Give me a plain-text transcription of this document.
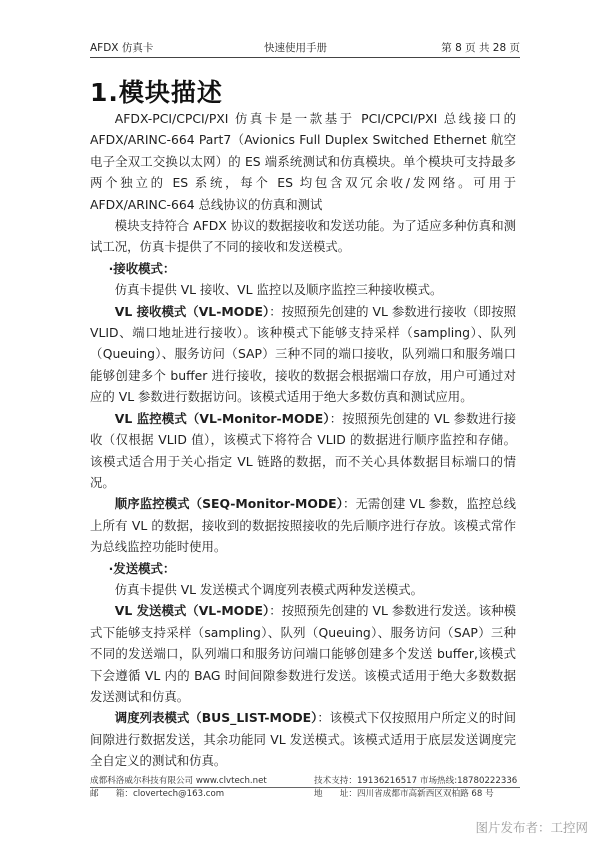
AFDX 仿真卡	快速使用手册	第 8 页 共 28 页
1.模块描述

AFDX-PCI/CPCI/PXI 仿真卡是一款基于 PCI/CPCI/PXI 总线接口的 AFDX/ARINC-664 Part7（Avionics Full Duplex Switched Ethernet 航空电子全双工交换以太网）的 ES 端系统测试和仿真模块。单个模块可支持最多两个独立的 ES 系统，每个 ES 均包含双冗余收/发网络。可用于 AFDX/ARINC-664 总线协议的仿真和测试

模块支持符合 AFDX 协议的数据接收和发送功能。为了适应多种仿真和测试工况，仿真卡提供了不同的接收和发送模式。

·接收模式：

仿真卡提供 VL 接收、VL 监控以及顺序监控三种接收模式。

VL 接收模式（VL-MODE）：按照预先创建的 VL 参数进行接收（即按照 VLID、端口地址进行接收）。该种模式下能够支持采样（sampling）、队列（Queuing）、服务访问（SAP）三种不同的端口接收，队列端口和服务端口能够创建多个 buffer 进行接收，接收的数据会根据端口存放，用户可通过对应的 VL 参数进行数据访问。该模式适用于绝大多数仿真和测试应用。

VL 监控模式（VL-Monitor-MODE）：按照预先创建的 VL 参数进行接收（仅根据 VLID 值），该模式下将符合 VLID 的数据进行顺序监控和存储。该模式适合用于关心指定 VL 链路的数据，而不关心具体数据目标端口的情况。

顺序监控模式（SEQ-Monitor-MODE）：无需创建 VL 参数，监控总线上所有 VL 的数据，接收到的数据按照接收的先后顺序进行存放。该模式常作为总线监控功能时使用。

·发送模式：

仿真卡提供 VL 发送模式个调度列表模式两种发送模式。

VL 发送模式（VL-MODE）：按照预先创建的 VL 参数进行发送。该种模式下能够支持采样（sampling）、队列（Queuing）、服务访问（SAP）三种不同的发送端口，队列端口和服务访问端口能够创建多个发送 buffer,该模式下会遵循 VL 内的 BAG 时间间隙参数进行发送。该模式适用于绝大多数数据发送测试和仿真。

调度列表模式（BUS_LIST-MODE）：该模式下仅按照用户所定义的时间间隙进行数据发送，其余功能同 VL 发送模式。该模式适用于底层发送调度完全自定义的测试和仿真。

成都科洛威尔科技有限公司 www.clvtech.net	技术支持：19136216517 市场热线:18780222336
邮　　箱：clovertech@163.com	地　　址：四川省成都市高新西区双柏路 68 号
图片发布者：工控网
